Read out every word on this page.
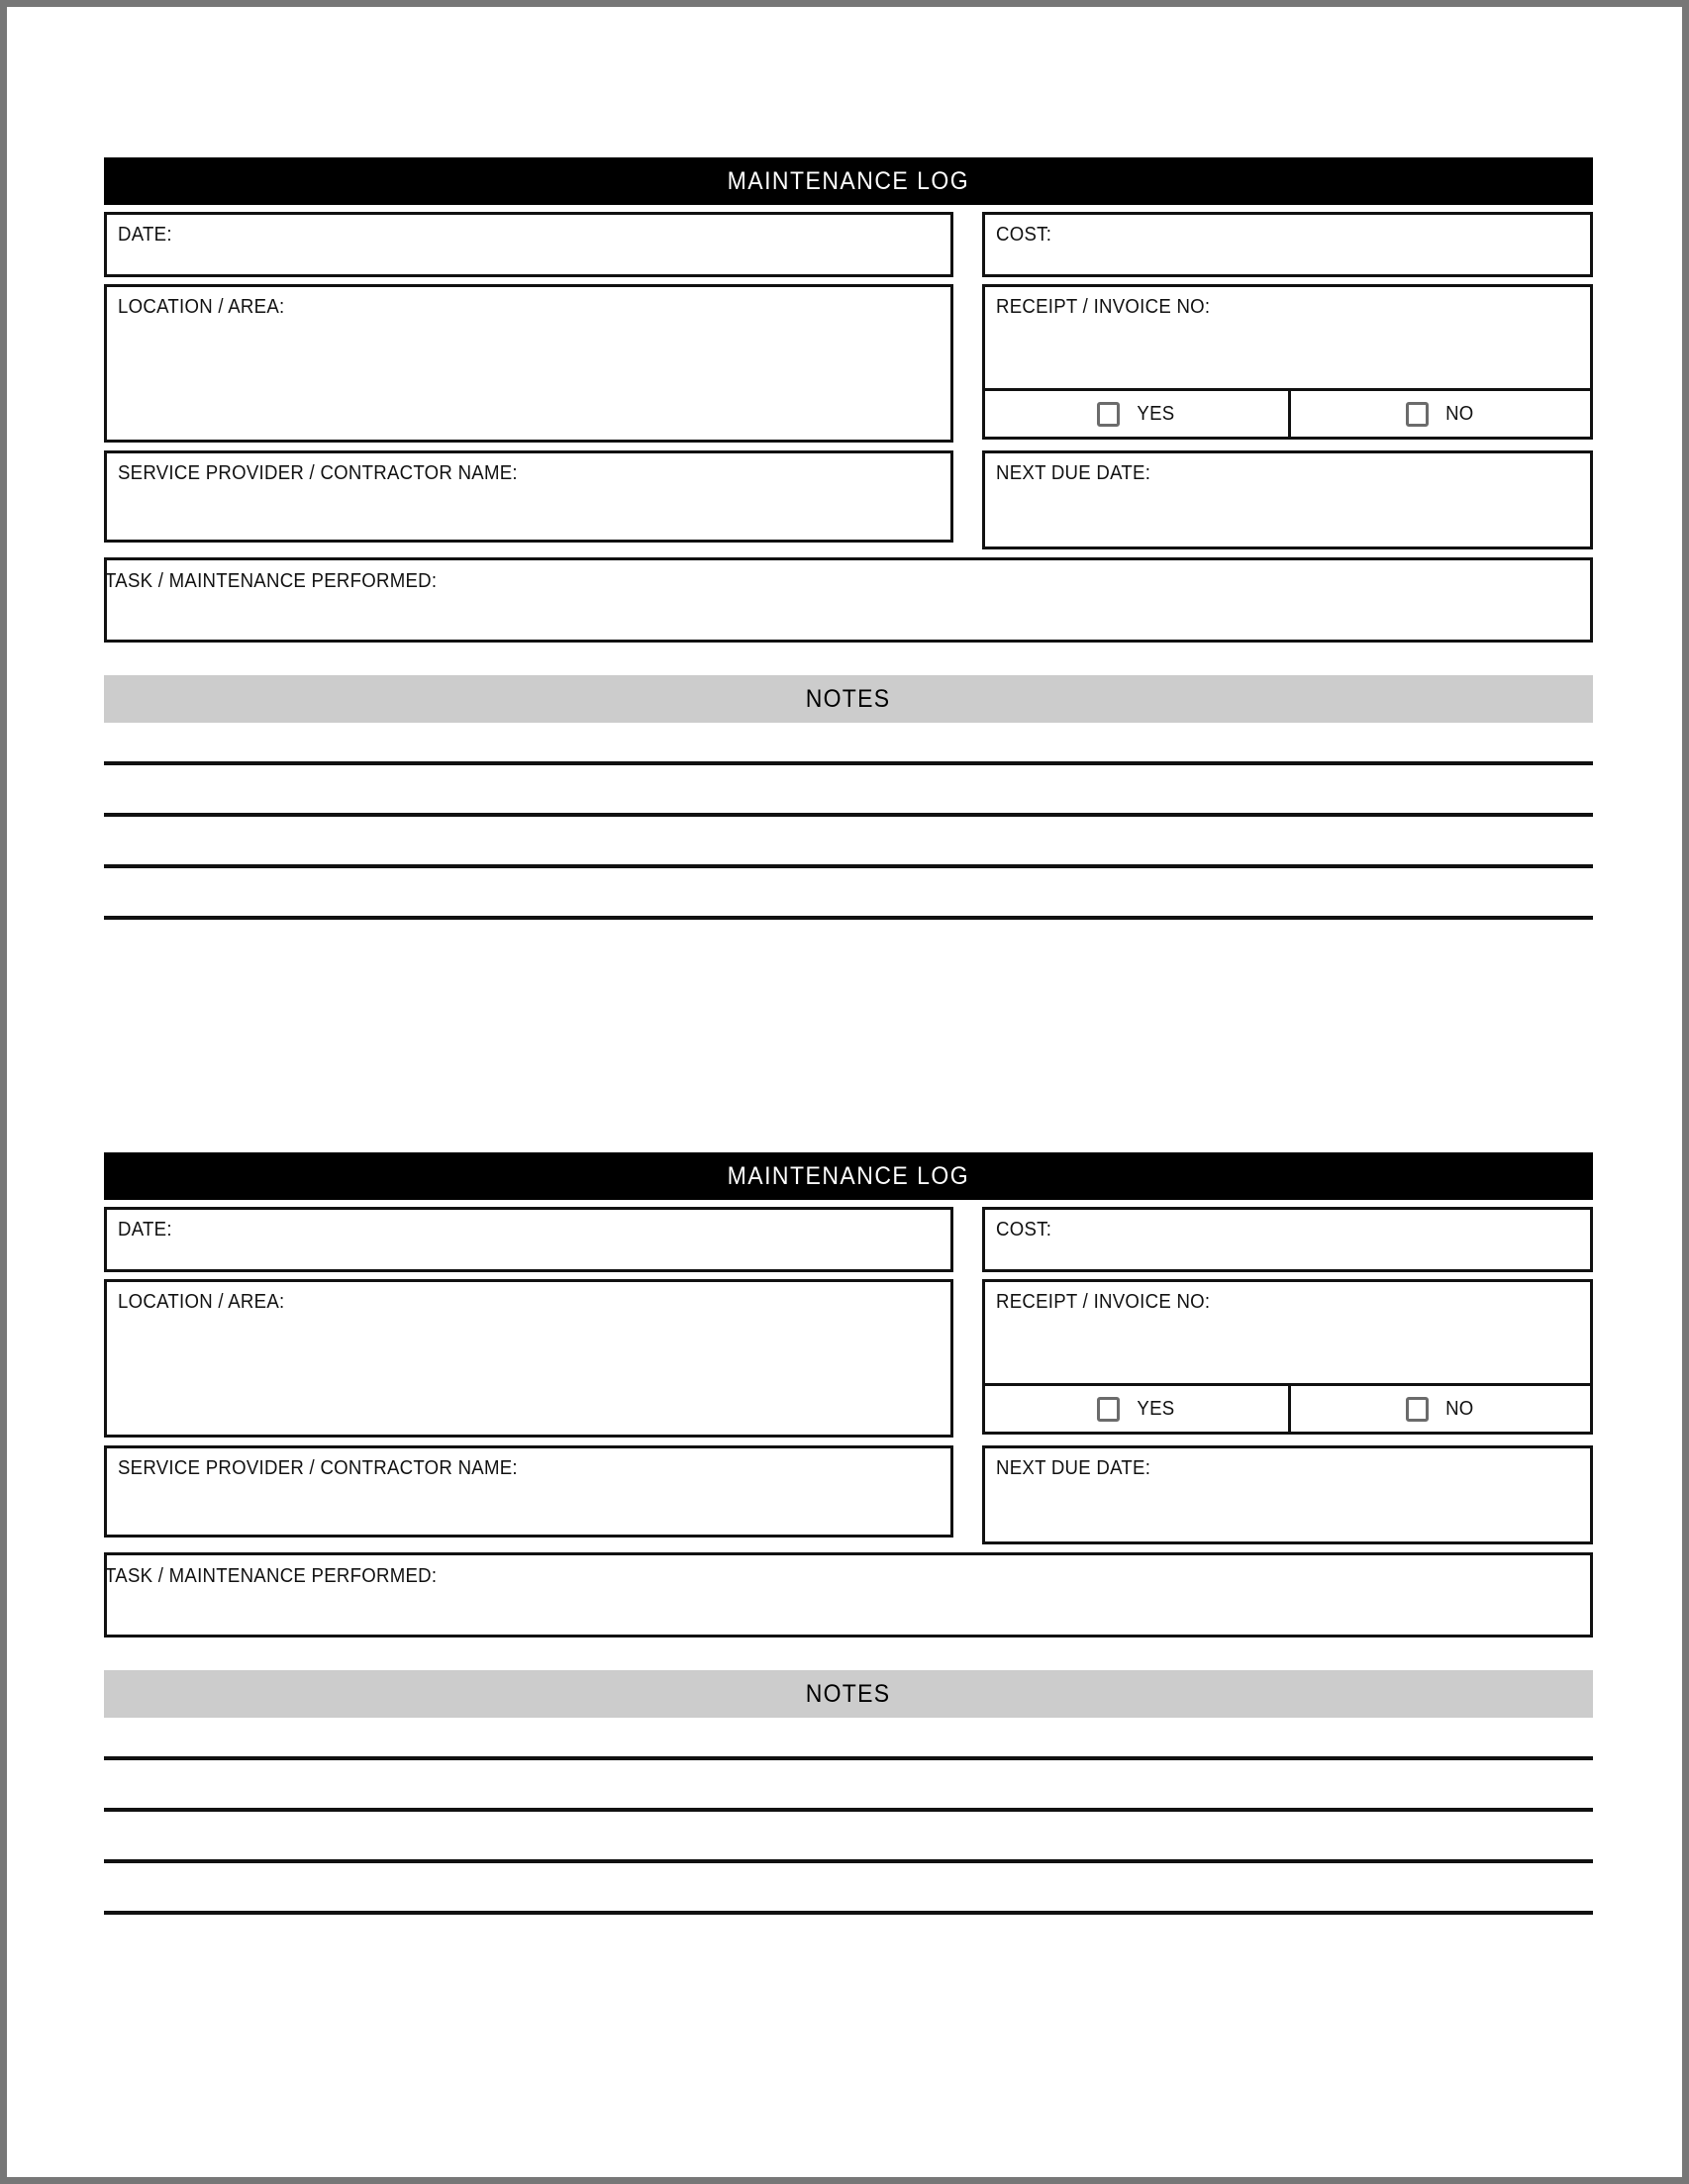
MAINTENANCE LOG
DATE:	COST:
LOCATION / AREA:	RECEIPT / INVOICE NO:
YES	NO
SERVICE PROVIDER / CONTRACTOR NAME:	NEXT DUE DATE:
TASK / MAINTENANCE PERFORMED:
NOTES
MAINTENANCE LOG
DATE:	COST:
LOCATION / AREA:	RECEIPT / INVOICE NO:
YES	NO
SERVICE PROVIDER / CONTRACTOR NAME:	NEXT DUE DATE:
TASK / MAINTENANCE PERFORMED:
NOTES
